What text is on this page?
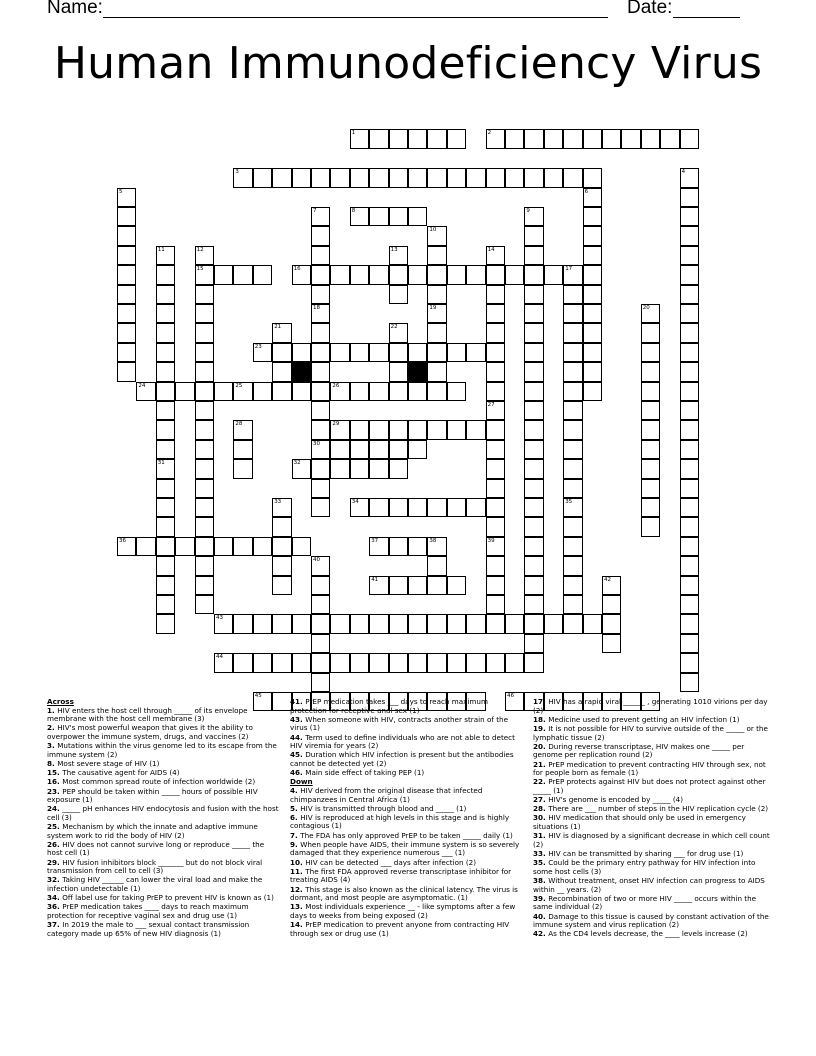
Name:	Date:
Human Immunodeficiency Virus
1	2
3	4
5	6
7
18
8	9
10
19
11	12
15
13	14
27
39
16	17
35
30
20
21	22
23
24	25	26
28	29
31	32
33	34
36	37	38
40
41	42
43
44
45	46
Across
1. HIV enters the host cell through _____ of its envelope membrane with the host cell membrane (3)
2. HIV's most powerful weapon that gives it the ability to overpower the immune system, drugs, and vaccines (2)
3. Mutations within the virus genome led to its escape from the immune system (2)
8. Most severe stage of HIV (1)
15. The causative agent for AIDS (4)
16. Most common spread route of infection worldwide (2)
23. PEP should be taken within _____ hours of possible HIV exposure (1)
24. _____ pH enhances HIV endocytosis and fusion with the host cell (3)
25. Mechanism by which the innate and adaptive immune system work to rid the body of HIV (2)
26. HIV does not cannot survive long or reproduce _____ the host cell (1)
29. HIV fusion inhibitors block _______ but do not block viral transmission from cell to cell (3)
32. Taking HIV ______ can lower the viral load and make the infection undetectable (1)
34. Off label use for taking PrEP to prevent HIV is known as (1)
36. PrEP medication takes ____ days to reach maximum protection for receptive vaginal sex and drug use (1)
37. In 2019 the male to ___ sexual contact transmission category made up 65% of new HIV diagnosis (1)
41. PrEP medication takes ___ days to reach maximum protection for receptive anal sex (1)
43. When someone with HIV, contracts another strain of the virus (1)
44. Term used to define individuals who are not able to detect HIV viremia for years (2)
45. Duration which HIV infection is present but the antibodies cannot be detected yet (2)
46. Main side effect of taking PEP (1)
Down
4. HIV derived from the original disease that infected chimpanzees in Central Africa (1)
5. HIV is transmitted through blood and _____ (1)
6. HIV is reproduced at high levels in this stage and is highly contagious (1)
7. The FDA has only approved PrEP to be taken _____ daily (1)
9. When people have AIDS, their immune system is so severely damaged that they experience numerous ___ (1)
10. HIV can be detected ___ days after infection (2)
11. The first FDA approved reverse transcriptase inhibitor for treating AIDS (4)
12. This stage is also known as the clinical latency. The virus is dormant, and most people are asymptomatic. (1)
13. Most individuals experience __ - like symptoms after a few days to weeks from being exposed (2)
14. PrEP medication to prevent anyone from contracting HIV through sex or drug use (1)
17. HIV has a rapid viral ______ , generating 1010 virions per day (2)
18. Medicine used to prevent getting an HIV infection (1)
19. It is not possible for HIV to survive outside of the _____ or the lymphatic tissue (2)
20. During reverse transcriptase, HIV makes one _____ per genome per replication round (2)
21. PrEP medication to prevent contracting HIV through sex, not for people born as female (1)
22. PrEP protects against HIV but does not protect against other _____ (1)
27. HIV's genome is encoded by _____ (4)
28. There are ___ number of steps in the HIV replication cycle (2)
30. HIV medication that should only be used in emergency situations (1)
31. HIV is diagnosed by a significant decrease in which cell count (2)
33. HIV can be transmitted by sharing ___ for drug use (1)
35. Could be the primary entry pathway for HIV infection into some host cells (3)
38. Without treatment, onset HIV infection can progress to AIDS within __ years. (2)
39. Recombination of two or more HIV _____ occurs within the same individual (2)
40. Damage to this tissue is caused by constant activation of the immune system and virus replication (2)
42. As the CD4 levels decrease, the ____ levels increase (2)
